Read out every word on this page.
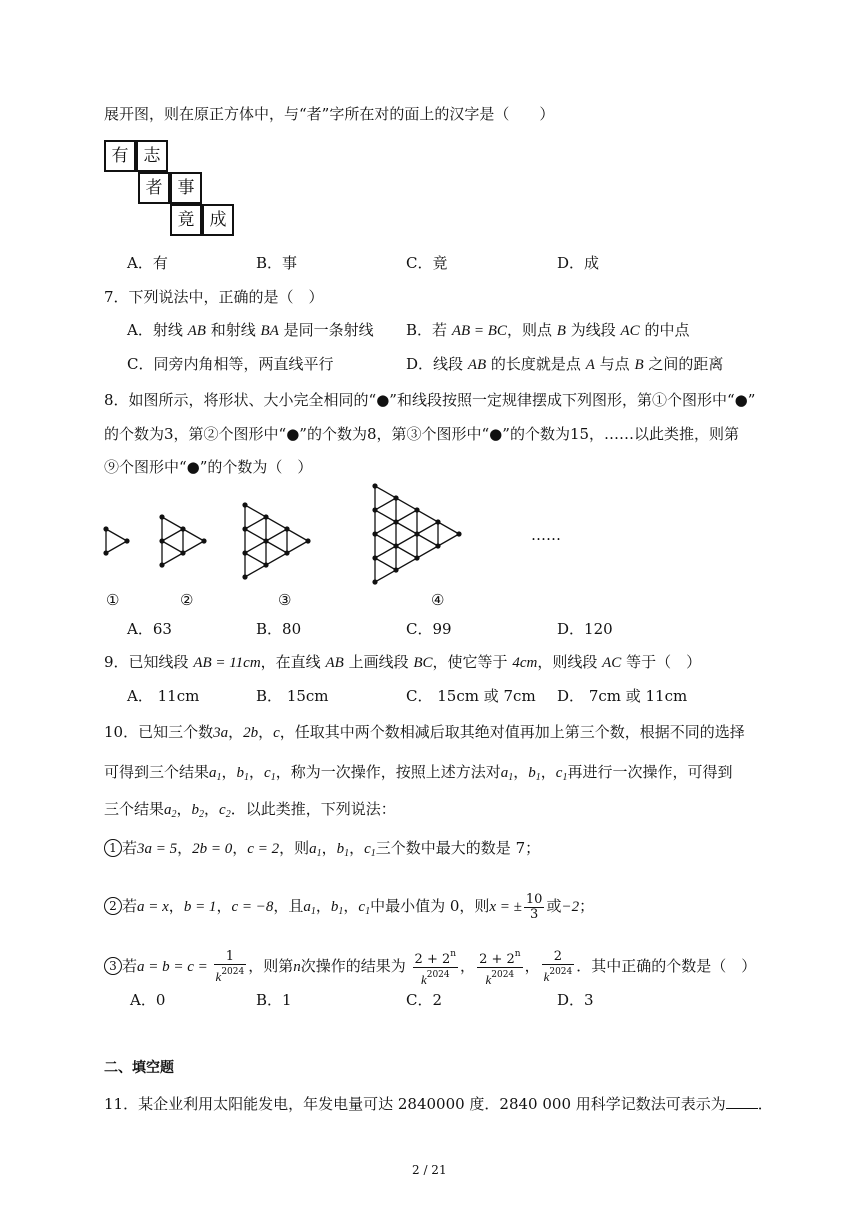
展开图，则在原正方体中，与“者”字所在对的面上的汉字是（　　）
有 志
者 事
竟 成
A．有	B．事	C．竟	D．成
7．下列说法中，正确的是（　）
A．射线 AB 和射线 BA 是同一条射线 B．若 AB = BC，则点 B 为线段 AC 的中点
C．同旁内角相等，两直线平行	D．线段 AB 的长度就是点 A 与点 B 之间的距离
8．如图所示，将形状、大小完全相同的“●”和线段按照一定规律摆成下列图形，第①个图形中“●”
的个数为3，第②个图形中“●”的个数为8，第③个图形中“●”的个数为15，……以此类推，则第
⑨个图形中“●”的个数为（　）
……
①	②	③	④
A．63	B．80	C．99	D．120
9．已知线段 AB = 11cm，在直线 AB 上画线段 BC，使它等于 4cm，则线段 AC 等于（　）
A． 11cm	B． 15cm	C． 15cm 或 7cm D． 7cm 或 11cm
10．已知三个数3a，2b，c，任取其中两个数相减后取其绝对值再加上第三个数，根据不同的选择
可得到三个结果$a_1$，$b_1$，$c_1$，称为一次操作，按照上述方法对$a_1$，$b_1$，$c_1$再进行一次操作，可得到
三个结果$a_2$，$b_2$，$c_2$．以此类推，下列说法：
1 若3a = 5，2b = 0，c = 2，则$a_1$，$b_1$，$c_1$三个数中最大的数是 7；
2 若a = x，b = 1，c = −8，且$a_1$，$b_1$，$c_1$中最小值为 0，则x = ± $\frac{10}{3}$ 或−2；
3 若$a = b = c = \frac{1}{k^{2024}}$ ，则第n次操作的结果为 $\frac{2 + 2^n}{k^{2024}}$ ， $\frac{2 + 2^n}{k^{2024}}$ ， $\frac{2}{k^{2024}}$ ．其中正确的个数是（　）
A．0	B．1	C．2	D．3
二、填空题
11．某企业利用太阳能发电，年发电量可达 2840000 度．2840 000 用科学记数法可表示为 ．
2 / 21
